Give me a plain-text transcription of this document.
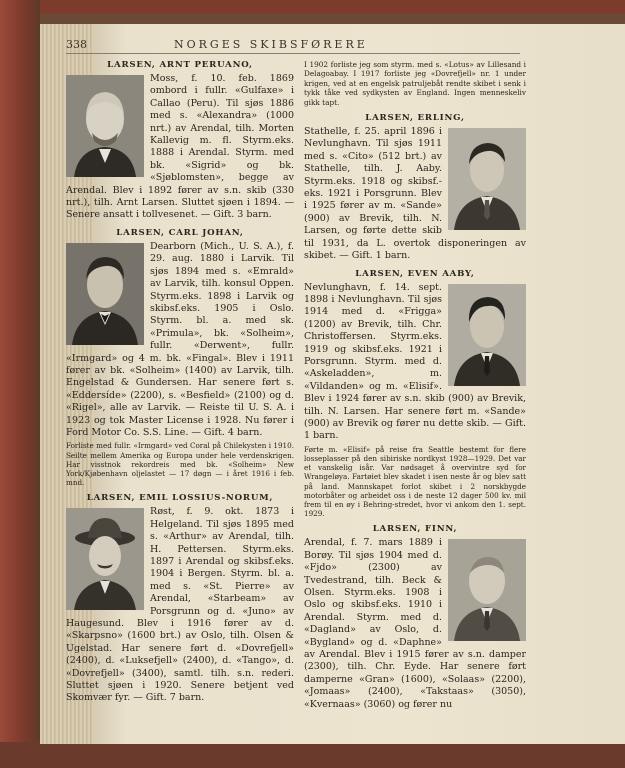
338	NORGES SKIBSFØRERE
LARSEN, ARNT PERUANO,
Moss, f. 10. feb. 1869 ombord i fullr. «Gulfaxe» i Callao (Peru). Til sjøs 1886 med s. «Alexandra» (1000 nrt.) av Arendal, tilh. Morten Kallevig m. fl. Styrm.eks. 1888 i Arendal. Styrm. med bk. «Sigrid» og bk. «Sjøblomsten», begge av Arendal. Blev i 1892 fører av s.n. skib (330 nrt.), tilh. Arnt Larsen. Sluttet sjøen i 1894. — Senere ansatt i tollvesenet. — Gift. 3 barn.
LARSEN, CARL JOHAN,
Dearborn (Mich., U. S. A.), f. 29. aug. 1880 i Larvik. Til sjøs 1894 med s. «Emrald» av Larvik, tilh. konsul Oppen. Styrm.eks. 1898 i Larvik og skibsf.eks. 1905 i Oslo. Styrm. bl. a. med sk. «Primula», bk. «Solheim», fullr. «Derwent», fullr. «Irmgard» og 4 m. bk. «Fingal». Blev i 1911 fører av bk. «Solheim» (1400) av Larvik, tilh. Engelstad & Gundersen. Har senere ført s. «Eddersíde» (2200), s. «Besfield» (2100) og d. «Rigel», alle av Larvik. — Reiste til U. S. A. i 1923 og tok Master License i 1928. Nu fører i Ford Motor Co. S.S. Line. — Gift. 4 barn.
Forliste med fullr. «Irmgard» ved Coral på Chilekysten i 1910. Seilte mellem Amerika og Europa under hele verdenskrigen. Har visstnok rekordreis med bk. «Solheim» New York/Kjøbenhavn oljelastet — 17 døgn — i året 1916 i feb. mnd.
LARSEN, EMIL LOSSIUS-NORUM,
Røst, f. 9. okt. 1873 i Helgeland. Til sjøs 1895 med s. «Arthur» av Arendal, tilh. H. Pettersen. Styrm.eks. 1897 i Arendal og skibsf.eks. 1904 i Bergen. Styrm. bl. a. med s. «St. Pierre» av Arendal, «Starbeam» av Porsgrunn og d. «Juno» av Haugesund. Blev i 1916 fører av d. «Skarpsno» (1600 brt.) av Oslo, tilh. Olsen & Ugelstad. Har senere ført d. «Dovrefjell» (2400), d. «Luksefjell» (2400), d. «Tango», d. «Dovrefjell» (3400), samtl. tilh. s.n. rederi. Sluttet sjøen i 1920. Senere betjent ved Skomvær fyr. — Gift. 7 barn.
I 1902 forliste jeg som styrm. med s. «Lotus» av Lillesand i Delagoabay. I 1917 forliste jeg «Dovrefjell» nr. 1 under krigen, ved at en engelsk patruljebåt rendte skibet i senk i tykk tåke ved sydkysten av England. Ingen menneskeliv gikk tapt.
LARSEN, ERLING,
Stathelle, f. 25. april 1896 i Nevlunghavn. Til sjøs 1911 med s. «Cito» (512 brt.) av Stathelle, tilh. J. Aaby. Styrm.eks. 1918 og skibsf.-eks. 1921 i Porsgrunn. Blev i 1925 fører av m. «Sande» (900) av Brevik, tilh. N. Larsen, og førte dette skib til 1931, da L. overtok disponeringen av skibet. — Gift. 1 barn.
LARSEN, EVEN AABY,
Nevlunghavn, f. 14. sept. 1898 i Nevlunghavn. Til sjøs 1914 med d. «Frigga» (1200) av Brevik, tilh. Chr. Christoffersen. Styrm.eks. 1919 og skibsf.eks. 1921 i Porsgrunn. Styrm. med d. «Askeladden», m. «Vildanden» og m. «Elisif». Blev i 1924 fører av s.n. skib (900) av Brevik, tilh. N. Larsen. Har senere ført m. «Sande» (900) av Brevik og fører nu dette skib. — Gift. 1 barn.
Førte m. «Elisif» på reise fra Seattle bestemt for flere losseplasser på den sibiriske nordkyst 1928—1929. Det var et vanskelig isår. Var nødsaget å overvintre syd for Wrangeløya. Fartøiet blev skadet i isen neste år og blev satt på land. Mannskapet forlot skibet i 2 norskbygde motorbåter og arbeidet oss i de neste 12 dager 500 kv. mil frem til en øy i Behring-stredet, hvor vi ankom den 1. sept. 1929.
LARSEN, FINN,
Arendal, f. 7. mars 1889 i Borøy. Til sjøs 1904 med d. «Fjdo» (2300) av Tvedestrand, tilh. Beck & Olsen. Styrm.eks. 1908 i Oslo og skibsf.eks. 1910 i Arendal. Styrm. med d. «Dagland» av Oslo, d. «Bygland» og d. «Daphne» av Arendal. Blev i 1915 fører av s.n. damper (2300), tilh. Chr. Eyde. Har senere ført damperne «Gran» (1600), «Solaas» (2200), «Jomaas» (2400), «Takstaas» (3050), «Kvernaas» (3060) og fører nu
